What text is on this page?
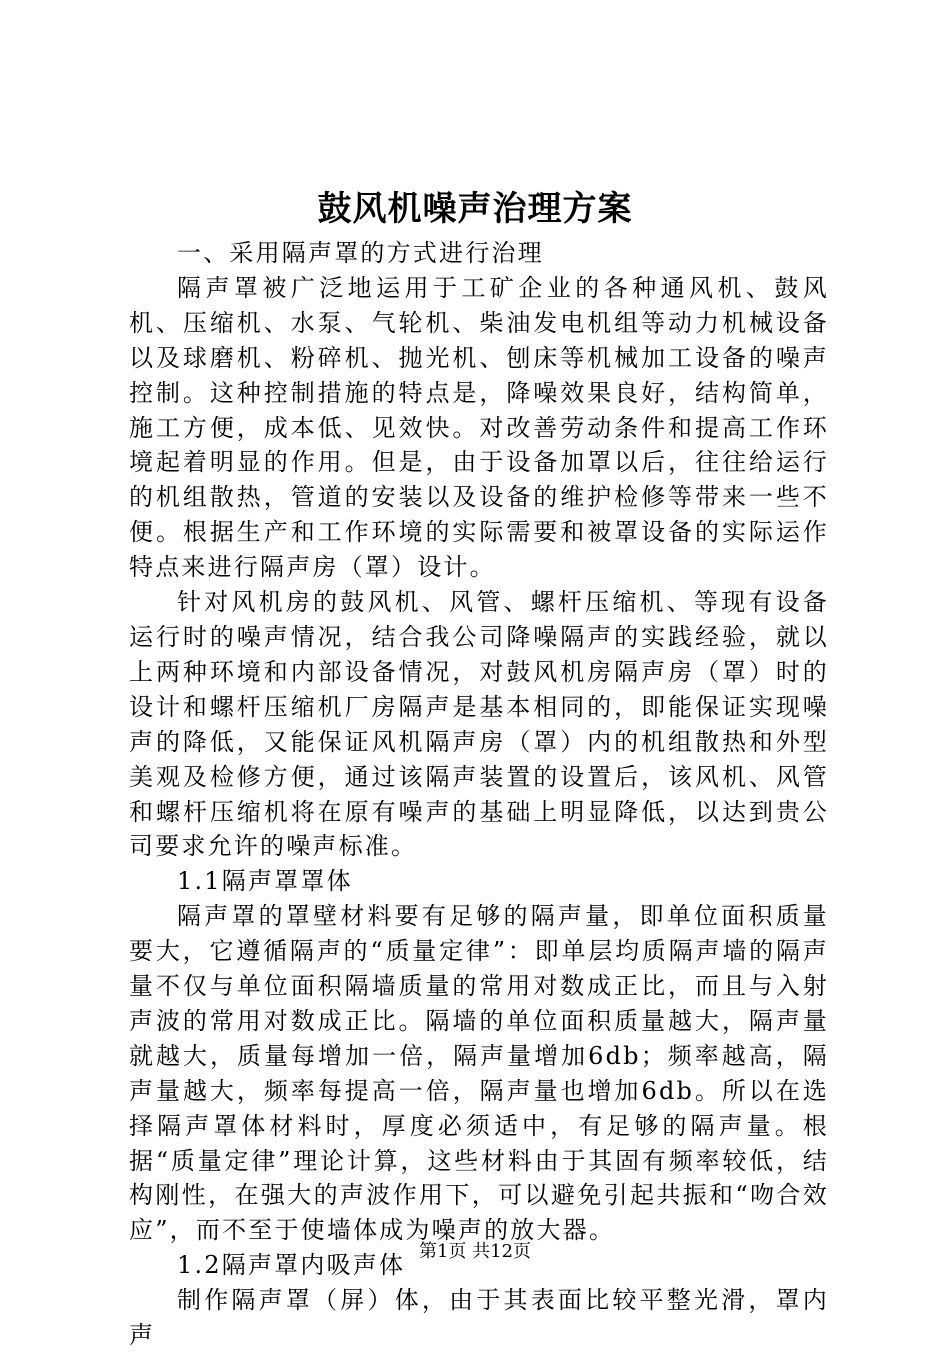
鼓风机噪声治理方案

一、采用隔声罩的方式进行治理

隔声罩被广泛地运用于工矿企业的各种通风机、鼓风机、压缩机、水泵、气轮机、柴油发电机组等动力机械设备以及球磨机、粉碎机、抛光机、刨床等机械加工设备的噪声控制。这种控制措施的特点是，降噪效果良好，结构简单，施工方便，成本低、见效快。对改善劳动条件和提高工作环境起着明显的作用。但是，由于设备加罩以后，往往给运行的机组散热，管道的安装以及设备的维护检修等带来一些不便。根据生产和工作环境的实际需要和被罩设备的实际运作特点来进行隔声房（罩）设计。

针对风机房的鼓风机、风管、螺杆压缩机、等现有设备运行时的噪声情况，结合我公司降噪隔声的实践经验，就以上两种环境和内部设备情况，对鼓风机房隔声房（罩）时的设计和螺杆压缩机厂房隔声是基本相同的，即能保证实现噪声的降低，又能保证风机隔声房（罩）内的机组散热和外型美观及检修方便，通过该隔声装置的设置后，该风机、风管和螺杆压缩机将在原有噪声的基础上明显降低，以达到贵公司要求允许的噪声标准。

1.1隔声罩罩体

隔声罩的罩壁材料要有足够的隔声量，即单位面积质量要大，它遵循隔声的“质量定律”：即单层均质隔声墙的隔声量不仅与单位面积隔墙质量的常用对数成正比，而且与入射声波的常用对数成正比。隔墙的单位面积质量越大，隔声量就越大，质量每增加一倍，隔声量增加6db；频率越高，隔声量越大，频率每提高一倍，隔声量也增加6db。所以在选择隔声罩体材料时，厚度必须适中，有足够的隔声量。根据“质量定律”理论计算，这些材料由于其固有频率较低，结构刚性，在强大的声波作用下，可以避免引起共振和“吻合效应”，而不至于使墙体成为噪声的放大器。

1.2隔声罩内吸声体

制作隔声罩（屏）体，由于其表面比较平整光滑，罩内声

第1页 共12页
